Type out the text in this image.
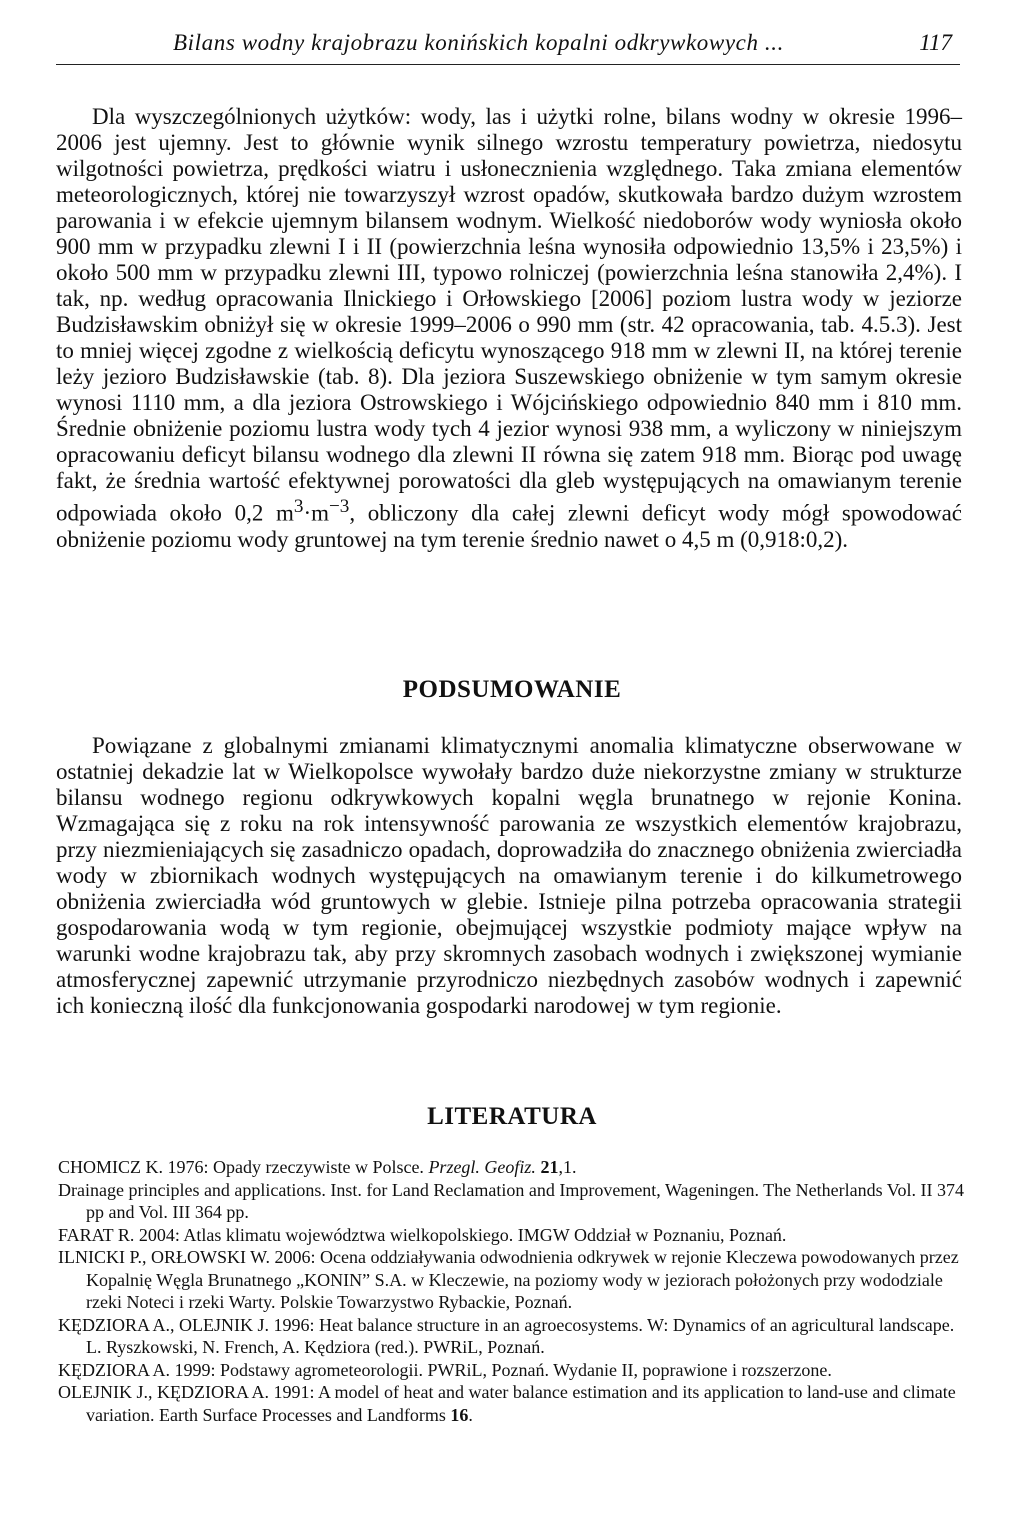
Bilans wodny krajobrazu konińskich kopalni odkrywkowych ...	117

Dla wyszczególnionych użytków: wody, las i użytki rolne, bilans wodny w okresie 1996–2006 jest ujemny. Jest to głównie wynik silnego wzrostu temperatury powietrza, niedosytu wilgotności powietrza, prędkości wiatru i usłonecznienia względnego. Taka zmiana elementów meteorologicznych, której nie towarzyszył wzrost opadów, skutkowała bardzo dużym wzrostem parowania i w efekcie ujemnym bilansem wodnym. Wielkość niedoborów wody wyniosła około 900 mm w przypadku zlewni I i II (powierzchnia leśna wynosiła odpowiednio 13,5% i 23,5%) i około 500 mm w przypadku zlewni III, typowo rolniczej (powierzchnia leśna stanowiła 2,4%). I tak, np. według opracowania Ilnickiego i Orłowskiego [2006] poziom lustra wody w jeziorze Budzisławskim obniżył się w okresie 1999–2006 o 990 mm (str. 42 opracowania, tab. 4.5.3). Jest to mniej więcej zgodne z wielkością deficytu wynoszącego 918 mm w zlewni II, na której terenie leży jezioro Budzisławskie (tab. 8). Dla jeziora Suszewskiego obniżenie w tym samym okresie wynosi 1110 mm, a dla jeziora Ostrowskiego i Wójcińskiego odpowiednio 840 mm i 810 mm. Średnie obniżenie poziomu lustra wody tych 4 jezior wynosi 938 mm, a wyliczony w niniejszym opracowaniu deficyt bilansu wodnego dla zlewni II równa się zatem 918 mm. Biorąc pod uwagę fakt, że średnia wartość efektywnej porowatości dla gleb występujących na omawianym terenie odpowiada około 0,2 $m^3\cdot m^{-3}$, obliczony dla całej zlewni deficyt wody mógł spowodować obniżenie poziomu wody gruntowej na tym terenie średnio nawet o 4,5 m (0,918:0,2).

PODSUMOWANIE

Powiązane z globalnymi zmianami klimatycznymi anomalia klimatyczne obserwowane w ostatniej dekadzie lat w Wielkopolsce wywołały bardzo duże niekorzystne zmiany w strukturze bilansu wodnego regionu odkrywkowych kopalni węgla brunatnego w rejonie Konina. Wzmagająca się z roku na rok intensywność parowania ze wszystkich elementów krajobrazu, przy niezmieniających się zasadniczo opadach, doprowadziła do znacznego obniżenia zwierciadła wody w zbiornikach wodnych występujących na omawianym terenie i do kilkumetrowego obniżenia zwierciadła wód gruntowych w glebie. Istnieje pilna potrzeba opracowania strategii gospodarowania wodą w tym regionie, obejmującej wszystkie podmioty mające wpływ na warunki wodne krajobrazu tak, aby przy skromnych zasobach wodnych i zwiększonej wymianie atmosferycznej zapewnić utrzymanie przyrodniczo niezbędnych zasobów wodnych i zapewnić ich konieczną ilość dla funkcjonowania gospodarki narodowej w tym regionie.

LITERATURA
CHOMICZ K. 1976: Opady rzeczywiste w Polsce. Przegl. Geofiz. 21,1.
Drainage principles and applications. Inst. for Land Reclamation and Improvement, Wageningen. The Netherlands Vol. II 374 pp and Vol. III 364 pp.
FARAT R. 2004: Atlas klimatu województwa wielkopolskiego. IMGW Oddział w Poznaniu, Poznań.
ILNICKI P., ORŁOWSKI W. 2006: Ocena oddziaływania odwodnienia odkrywek w rejonie Kleczewa powodowanych przez Kopalnię Węgla Brunatnego „KONIN” S.A. w Kleczewie, na poziomy wody w jeziorach położonych przy wododziale rzeki Noteci i rzeki Warty. Polskie Towarzystwo Rybackie, Poznań.
KĘDZIORA A., OLEJNIK J. 1996: Heat balance structure in an agroecosystems. W: Dynamics of an agricultural landscape. L. Ryszkowski, N. French, A. Kędziora (red.). PWRiL, Poznań.
KĘDZIORA A. 1999: Podstawy agrometeorologii. PWRiL, Poznań. Wydanie II, poprawione i rozszerzone.
OLEJNIK J., KĘDZIORA A. 1991: A model of heat and water balance estimation and its application to land-use and climate variation. Earth Surface Processes and Landforms 16.
